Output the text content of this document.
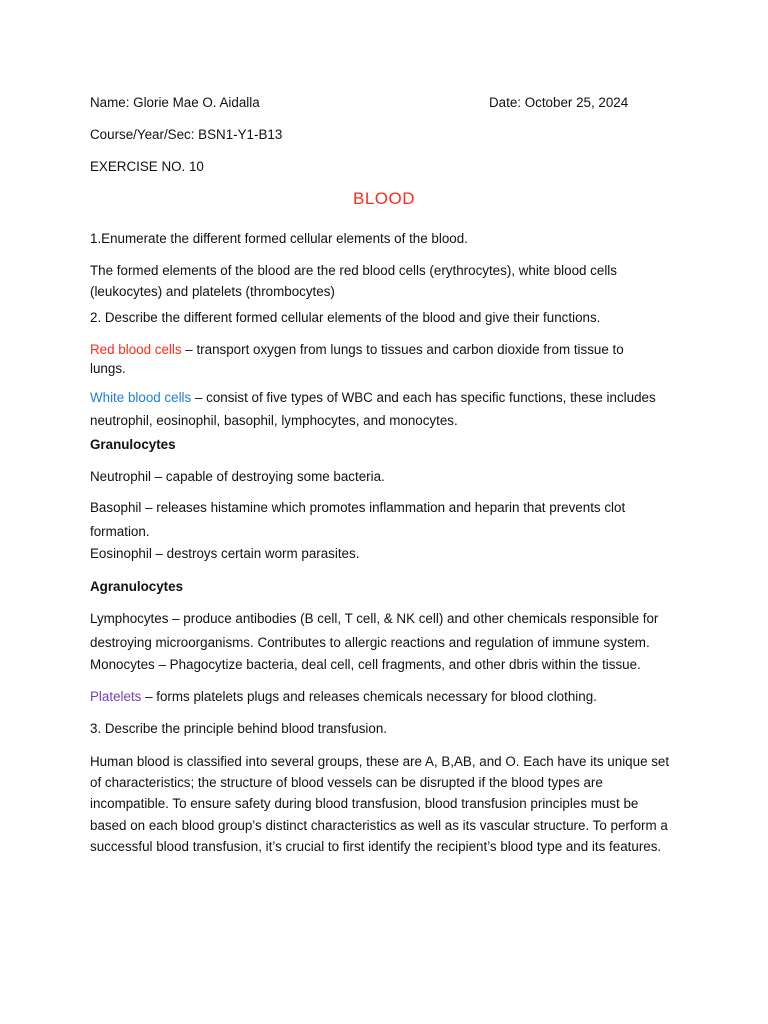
Name: Glorie Mae O. Aidalla	Date: October 25, 2024
Course/Year/Sec: BSN1-Y1-B13
EXERCISE NO. 10
BLOOD
1.Enumerate the different formed cellular elements of the blood.
The formed elements of the blood are the red blood cells (erythrocytes), white blood cells
(leukocytes) and platelets (thrombocytes)
2. Describe the different formed cellular elements of the blood and give their functions.
Red blood cells – transport oxygen from lungs to tissues and carbon dioxide from tissue to
lungs.
White blood cells – consist of five types of WBC and each has specific functions, these includes
neutrophil, eosinophil, basophil, lymphocytes, and monocytes.
Granulocytes
Neutrophil – capable of destroying some bacteria.
Basophil – releases histamine which promotes inflammation and heparin that prevents clot
formation.
Eosinophil – destroys certain worm parasites.
Agranulocytes
Lymphocytes – produce antibodies (B cell, T cell, & NK cell) and other chemicals responsible for
destroying microorganisms. Contributes to allergic reactions and regulation of immune system.
Monocytes – Phagocytize bacteria, deal cell, cell fragments, and other dbris within the tissue.
Platelets – forms platelets plugs and releases chemicals necessary for blood clothing.
3. Describe the principle behind blood transfusion.
Human blood is classified into several groups, these are A, B,AB, and O. Each have its unique set
of characteristics; the structure of blood vessels can be disrupted if the blood types are
incompatible. To ensure safety during blood transfusion, blood transfusion principles must be
based on each blood group’s distinct characteristics as well as its vascular structure. To perform a
successful blood transfusion, it’s crucial to first identify the recipient’s blood type and its features.
